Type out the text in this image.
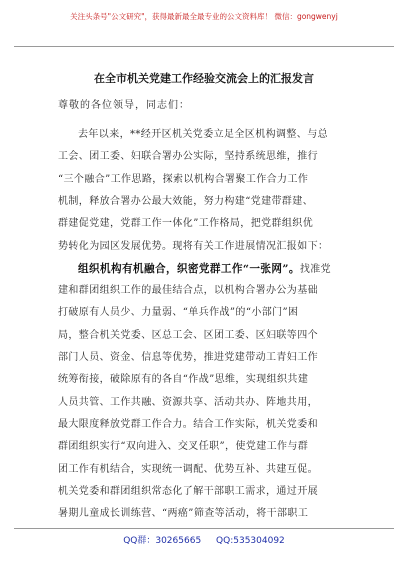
关注头条号"公文研究"，获得最新最全最专业的公文资料库！ 微信：gongwenyj
在全市机关党建工作经验交流会上的汇报发言
尊敬的各位领导，同志们：
去年以来，**经开区机关党委立足全区机构调整、与总
工会、团工委、妇联合署办公实际，坚持系统思维，推行
“三个融合”工作思路，探索以机构合署聚工作合力工作
机制，释放合署办公最大效能，努力构建“党建带群建、
群建促党建，党群工作一体化”工作格局，把党群组织优
势转化为园区发展优势。现将有关工作进展情况汇报如下：
组织机构有机融合，织密党群工作“一张网”。找准党
建和群团组织工作的最佳结合点，以机构合署办公为基础
打破原有人员少、力量弱、“单兵作战”的“小部门”困
局，整合机关党委、区总工会、区团工委、区妇联等四个
部门人员、资金、信息等优势，推进党建带动工青妇工作
统筹衔接，破除原有的各自“作战”思维，实现组织共建
人员共管、工作共融、资源共享、活动共办、阵地共用，
最大限度释放党群工作合力。结合工作实际，机关党委和
群团组织实行“双向进入、交叉任职”，使党建工作与群
团工作有机结合，实现统一调配、优势互补、共建互促。
机关党委和群团组织常态化了解干部职工需求，通过开展
暑期儿童成长训练营、“两癌”筛查等活动，将干部职工
QQ群：30265665 QQ:535304092
